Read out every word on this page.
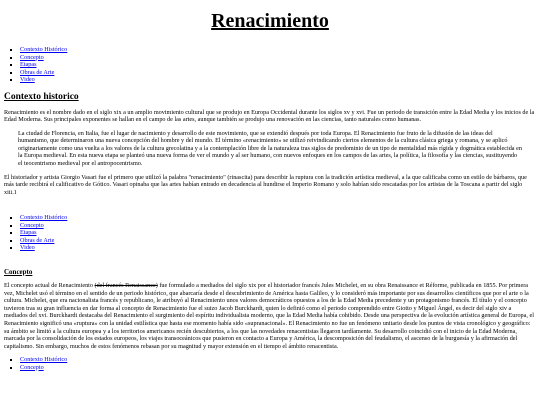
Renacimiento
▪ Contexto Histórico
▪ Concepto
▪ Etapas
▪ Obras de Arte
▪ Video
Contexto historico

Renacimiento es el nombre dado en el siglo xix a un amplio movimiento cultural que se produjo en Europa Occidental durante los siglos xv y xvi. Fue un periodo de transición entre la Edad Media y los inicios de la Edad Moderna. Sus principales exponentes se hallan en el campo de las artes, aunque también se produjo una renovación en las ciencias, tanto naturales como humanas.

La ciudad de Florencia, en Italia, fue el lugar de nacimiento y desarrollo de este movimiento, que se extendió después por toda Europa. El Renacimiento fue fruto de la difusión de las ideas del humanismo, que determinaron una nueva concepción del hombre y del mundo. El término «renacimiento» se utilizó reivindicando ciertos elementos de la cultura clásica griega y romana, y se aplicó originariamente como una vuelta a los valores de la cultura grecolatina y a la contemplación libre de la naturaleza tras siglos de predominio de un tipo de mentalidad más rígida y dogmática establecida en la Europa medieval. En esta nueva etapa se planteó una nueva forma de ver el mundo y al ser humano, con nuevos enfoques en los campos de las artes, la política, la filosofía y las ciencias, sustituyendo el teocentrismo medieval por el antropocentrismo.

El historiador y artista Giorgio Vasari fue el primero que utilizó la palabra "renacimiento" (rinascita) para describir la ruptura con la tradición artística medieval, a la que calificaba como un estilo de bárbaros, que más tarde recibirá el calificativo de Gótico. Vasari opinaba que las artes habían entrado en decadencia al hundirse el Imperio Romano y solo habían sido rescatadas por los artistas de la Toscana a partir del siglo xiii.1

▪ Contexto Histórico
▪ Concepto
▪ Etapas
▪ Obras de Arte
▪ Video
Concepto

El concepto actual de Renacimiento (del francés Renaissance) fue formulado a mediados del siglo xix por el historiador francés Jules Michelet, en su obra Renaissance et Réforme, publicada en 1855. Por primera vez, Michelet usó el término en el sentido de un periodo histórico, que abarcaría desde el descubrimiento de América hasta Galileo, y lo consideró más importante por sus desarrollos científicos que por el arte o la cultura. Michelet, que era nacionalista francés y republicano, le atribuyó al Renacimiento unos valores democráticos opuestos a los de la Edad Media precedente y un protagonismo francés. El título y el concepto tuvieron tras su gran influencia en dar forma al concepto de Renacimiento fue el suizo Jacob Burckhardt, quien lo definió como el periodo comprendido entre Giotto y Miguel Ángel, es decir del siglo xiv a mediados del xvi. Burckhardt destacaba del Renacimiento el surgimiento del espíritu individualista moderno, que la Edad Media había cohibido. Desde una perspectiva de la evolución artística general de Europa, el Renacimiento significó una «ruptura» con la unidad estilística que hasta ese momento había sido «supranacional». El Renacimiento no fue un fenómeno unitario desde los puntos de vista cronológico y geográfico: su ámbito se limitó a la cultura europea y a los territorios americanos recién descubiertos, a los que las novedades renacentistas llegaron tardíamente. Su desarrollo coincidió con el inicio de la Edad Moderna, marcada por la consolidación de los estados europeos, los viajes transoceánicos que pusieron en contacto a Europa y América, la descomposición del feudalismo, el ascenso de la burguesía y la afirmación del capitalismo. Sin embargo, muchos de estos fenómenos rebasan por su magnitud y mayor extensión en el tiempo el ámbito renacentista.

▪ Contexto Histórico
▪ Concepto
